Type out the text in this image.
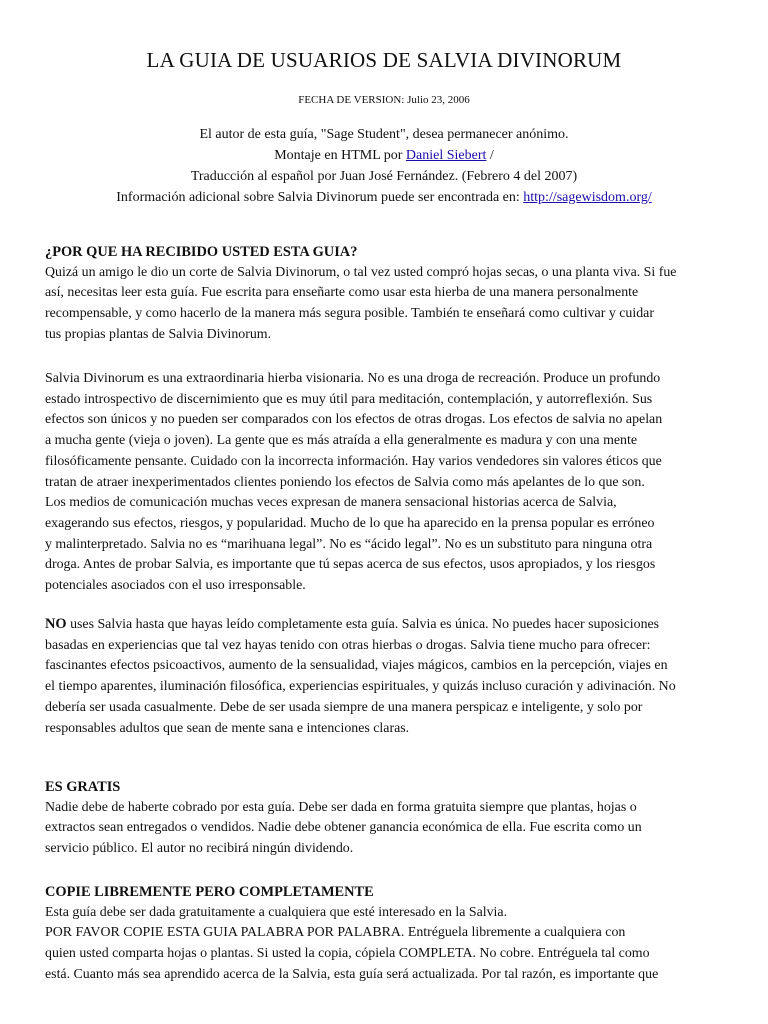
LA GUIA DE USUARIOS DE SALVIA DIVINORUM
FECHA DE VERSION: Julio 23, 2006
El autor de esta guía, "Sage Student", desea permanecer anónimo.
Montaje en HTML por Daniel Siebert /
Traducción al español por Juan José Fernández. (Febrero 4 del 2007)
Información adicional sobre Salvia Divinorum puede ser encontrada en: http://sagewisdom.org/
¿POR QUE HA RECIBIDO USTED ESTA GUIA?
Quizá un amigo le dio un corte de Salvia Divinorum, o tal vez usted compró hojas secas, o una planta viva. Si fue
así, necesitas leer esta guía. Fue escrita para enseñarte como usar esta hierba de una manera personalmente
recompensable, y como hacerlo de la manera más segura posible. También te enseñará como cultivar y cuidar
tus propias plantas de Salvia Divinorum.
Salvia Divinorum es una extraordinaria hierba visionaria. No es una droga de recreación. Produce un profundo
estado introspectivo de discernimiento que es muy útil para meditación, contemplación, y autorreflexión. Sus
efectos son únicos y no pueden ser comparados con los efectos de otras drogas. Los efectos de salvia no apelan
a mucha gente (vieja o joven). La gente que es más atraída a ella generalmente es madura y con una mente
filosóficamente pensante. Cuidado con la incorrecta información. Hay varios vendedores sin valores éticos que
tratan de atraer inexperimentados clientes poniendo los efectos de Salvia como más apelantes de lo que son.
Los medios de comunicación muchas veces expresan de manera sensacional historias acerca de Salvia,
exagerando sus efectos, riesgos, y popularidad. Mucho de lo que ha aparecido en la prensa popular es erróneo
y malinterpretado. Salvia no es “marihuana legal”. No es “ácido legal”. No es un substituto para ninguna otra
droga. Antes de probar Salvia, es importante que tú sepas acerca de sus efectos, usos apropiados, y los riesgos
potenciales asociados con el uso irresponsable.
NO uses Salvia hasta que hayas leído completamente esta guía. Salvia es única. No puedes hacer suposiciones
basadas en experiencias que tal vez hayas tenido con otras hierbas o drogas. Salvia tiene mucho para ofrecer:
fascinantes efectos psicoactivos, aumento de la sensualidad, viajes mágicos, cambios en la percepción, viajes en
el tiempo aparentes, iluminación filosófica, experiencias espirituales, y quizás incluso curación y adivinación. No
debería ser usada casualmente. Debe de ser usada siempre de una manera perspicaz e inteligente, y solo por
responsables adultos que sean de mente sana e intenciones claras.
ES GRATIS
Nadie debe de haberte cobrado por esta guía. Debe ser dada en forma gratuita siempre que plantas, hojas o
extractos sean entregados o vendidos. Nadie debe obtener ganancia económica de ella. Fue escrita como un
servicio público. El autor no recibirá ningún dividendo.
COPIE LIBREMENTE PERO COMPLETAMENTE
Esta guía debe ser dada gratuitamente a cualquiera que esté interesado en la Salvia.
POR FAVOR COPIE ESTA GUIA PALABRA POR PALABRA. Entréguela libremente a cualquiera con
quien usted comparta hojas o plantas. Si usted la copia, cópiela COMPLETA. No cobre. Entréguela tal como
está. Cuanto más sea aprendido acerca de la Salvia, esta guía será actualizada. Por tal razón, es importante que
